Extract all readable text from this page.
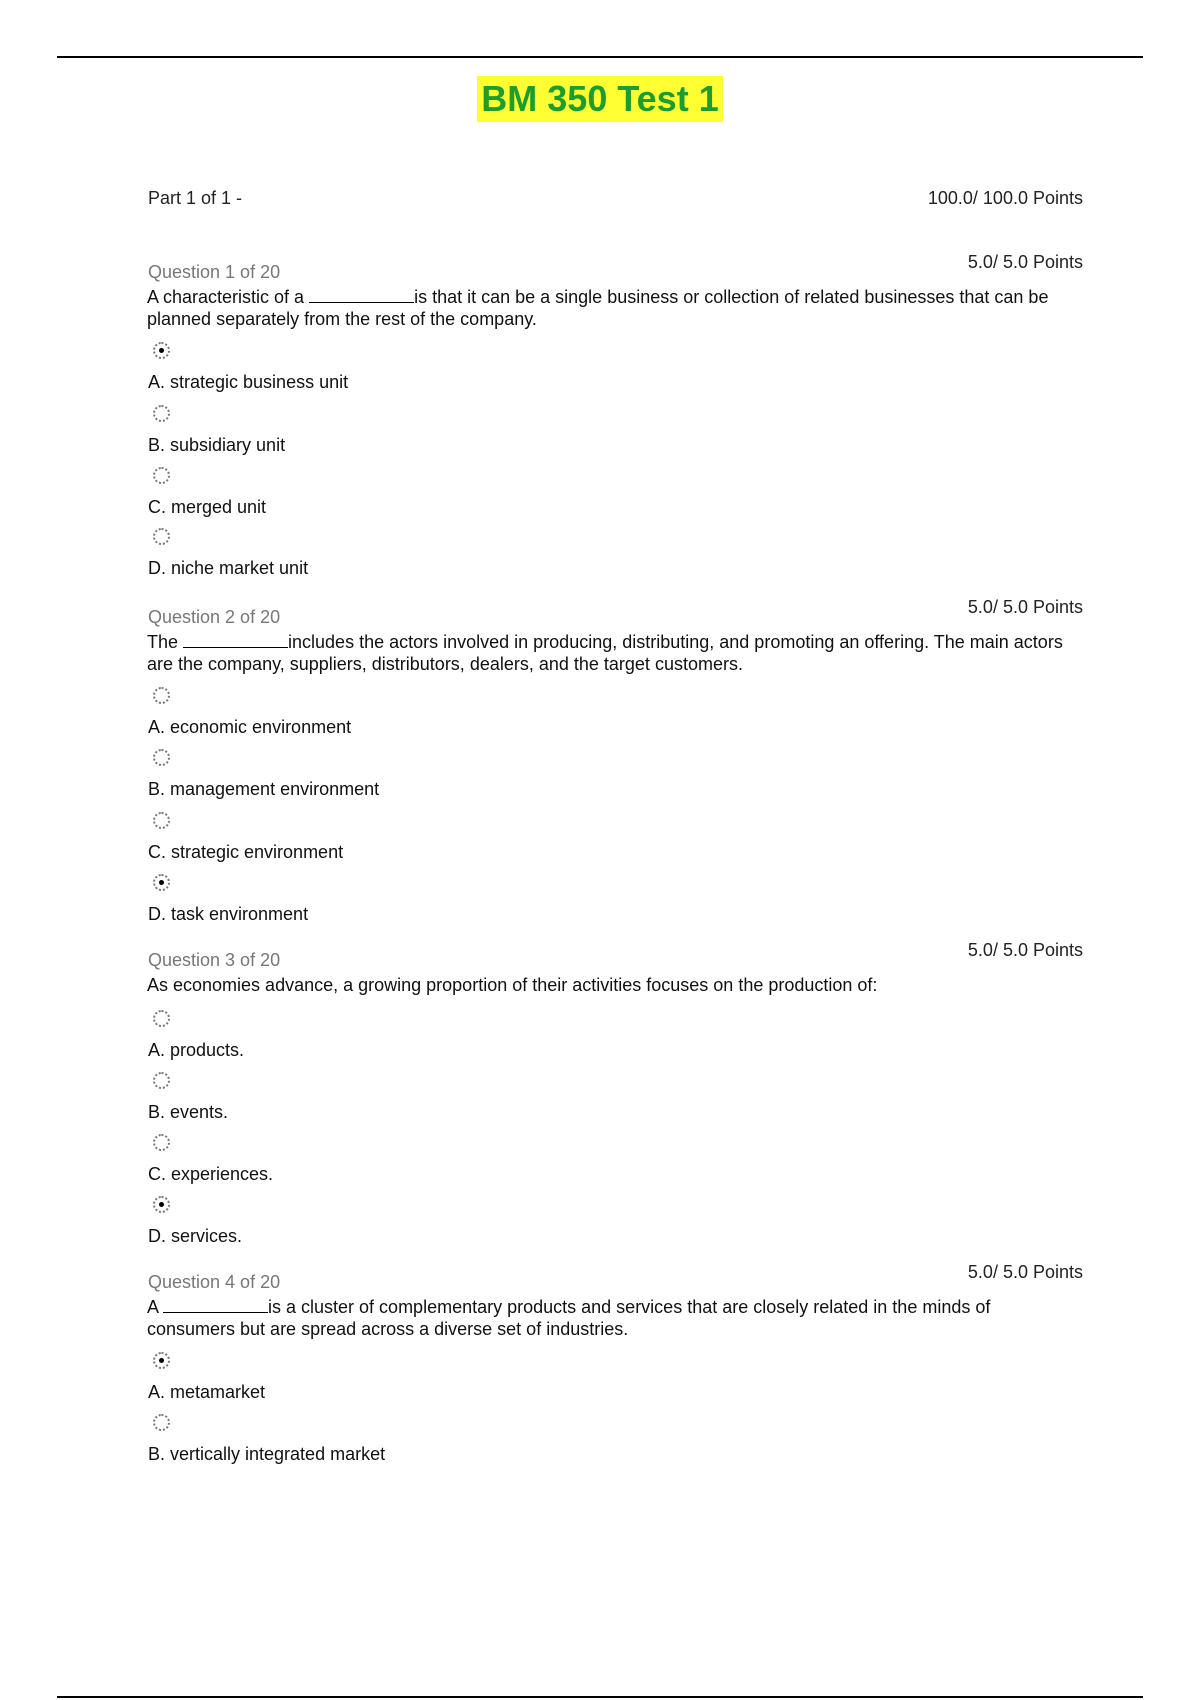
BM 350 Test 1
Part 1 of 1 -	100.0/ 100.0 Points
5.0/ 5.0 Points
Question 1 of 20
A characteristic of a	is that it can be a single business or collection of related businesses that can be planned separately from the rest of the company.
A. strategic business unit
B. subsidiary unit
C. merged unit
D. niche market unit
5.0/ 5.0 Points
Question 2 of 20
The	includes the actors involved in producing, distributing, and promoting an offering. The main actors are the company, suppliers, distributors, dealers, and the target customers.
A. economic environment
B. management environment
C. strategic environment
D. task environment
5.0/ 5.0 Points
Question 3 of 20
As economies advance, a growing proportion of their activities focuses on the production of:
A. products.
B. events.
C. experiences.
D. services.
5.0/ 5.0 Points
Question 4 of 20
A	is a cluster of complementary products and services that are closely related in the minds of consumers but are spread across a diverse set of industries.
A. metamarket
B. vertically integrated market
